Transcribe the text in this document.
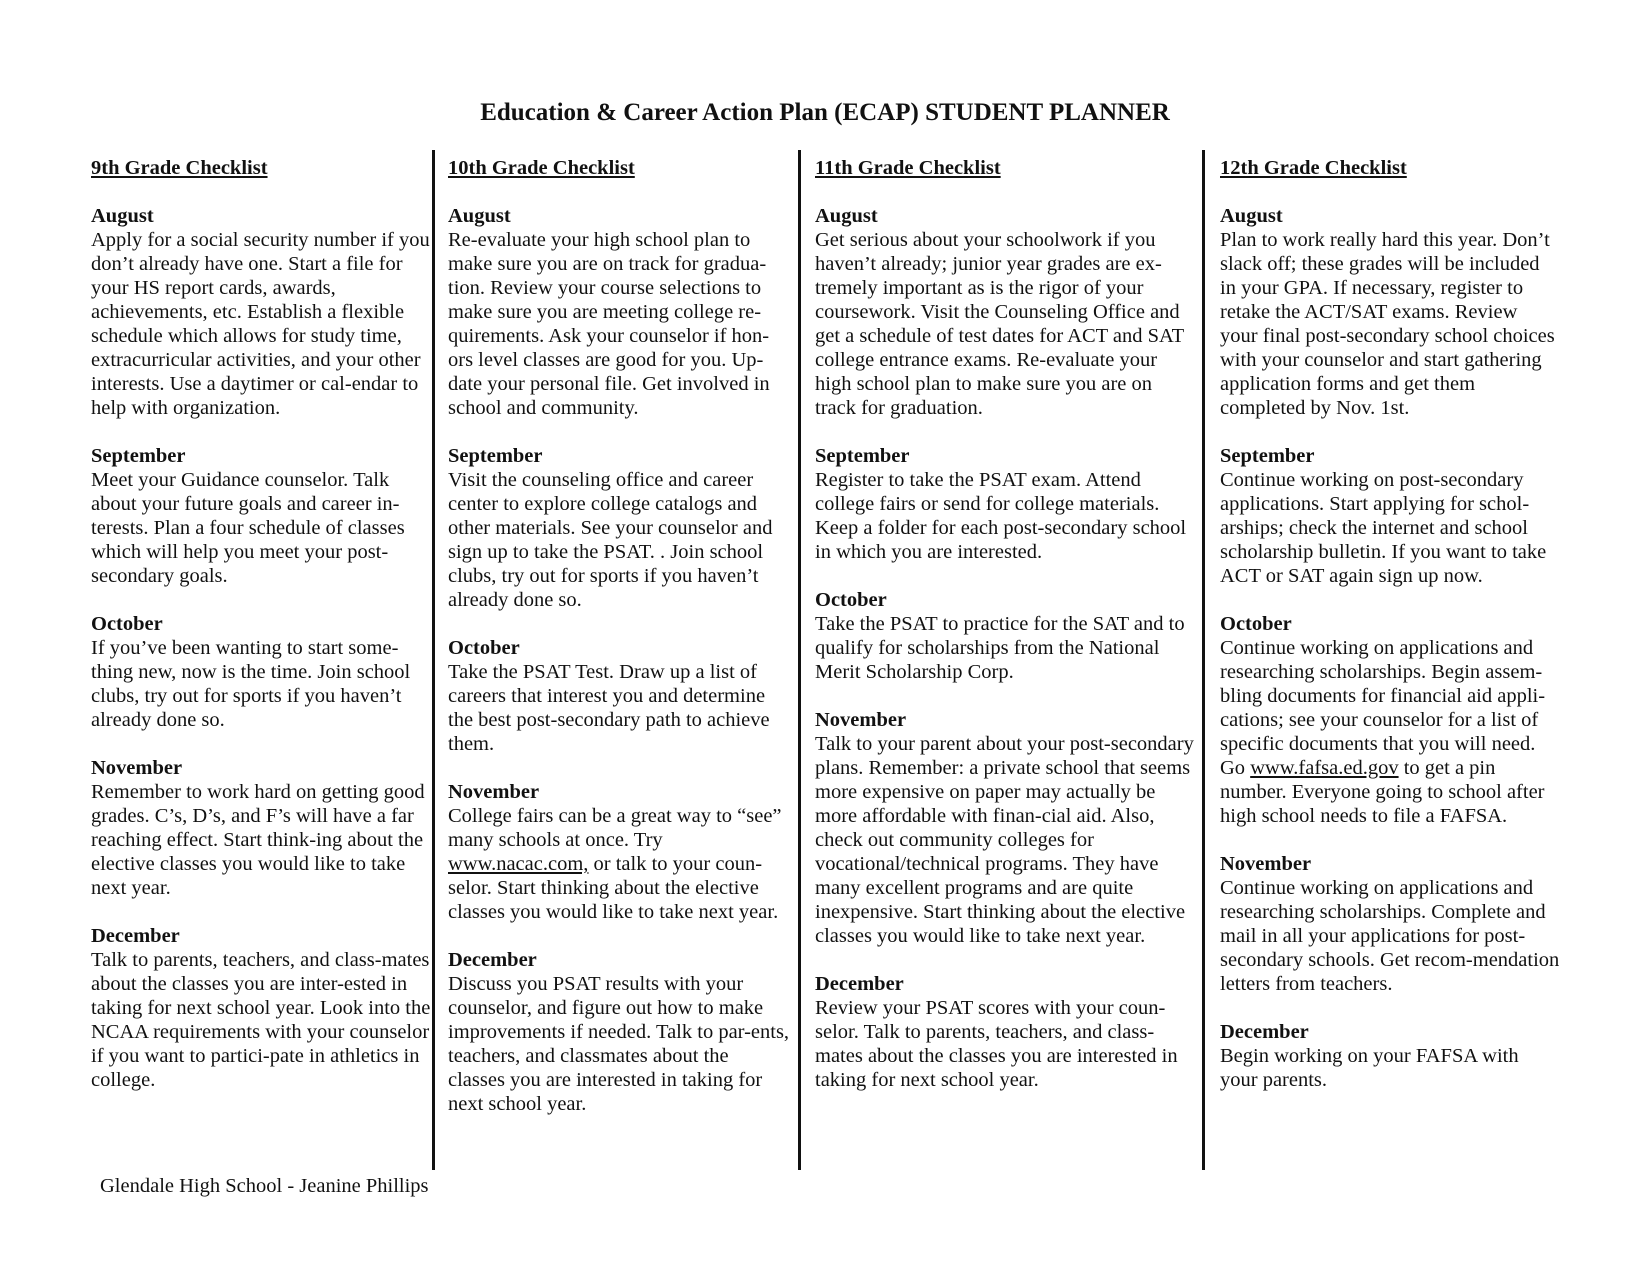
Education & Career Action Plan (ECAP) STUDENT PLANNER
9th Grade Checklist
August
Apply for a social security number if you don’t already have one. Start a file for your HS report cards, awards, achievements, etc. Establish a flexible schedule which allows for study time, extracurricular activities, and your other interests. Use a daytimer or cal-endar to help with organization.
September
Meet your Guidance counselor. Talk about your future goals and career in-terests. Plan a four schedule of classes which will help you meet your post-secondary goals.
October
If you’ve been wanting to start some-thing new, now is the time. Join school clubs, try out for sports if you haven’t already done so.
November
Remember to work hard on getting good grades. C’s, D’s, and F’s will have a far reaching effect. Start think-ing about the elective classes you would like to take next year.
December
Talk to parents, teachers, and class-mates about the classes you are inter-ested in taking for next school year. Look into the NCAA requirements with your counselor if you want to partici-pate in athletics in college.
10th Grade Checklist
August
Re-evaluate your high school plan to make sure you are on track for gradua-tion. Review your course selections to make sure you are meeting college re-quirements. Ask your counselor if hon-ors level classes are good for you. Up-date your personal file. Get involved in school and community.
September
Visit the counseling office and career center to explore college catalogs and other materials. See your counselor and sign up to take the PSAT. . Join school clubs, try out for sports if you haven’t already done so.
October
Take the PSAT Test. Draw up a list of careers that interest you and determine the best post-secondary path to achieve them.
November
College fairs can be a great way to “see” many schools at once. Try www.nacac.com, or talk to your coun-selor. Start thinking about the elective classes you would like to take next year.
December
Discuss you PSAT results with your counselor, and figure out how to make improvements if needed. Talk to par-ents, teachers, and classmates about the classes you are interested in taking for next school year.
11th Grade Checklist
August
Get serious about your schoolwork if you haven’t already; junior year grades are ex-tremely important as is the rigor of your coursework. Visit the Counseling Office and get a schedule of test dates for ACT and SAT college entrance exams. Re-evaluate your high school plan to make sure you are on track for graduation.
September
Register to take the PSAT exam. Attend college fairs or send for college materials. Keep a folder for each post-secondary school in which you are interested.
October
Take the PSAT to practice for the SAT and to qualify for scholarships from the National Merit Scholarship Corp.
November
Talk to your parent about your post-secondary plans. Remember: a private school that seems more expensive on paper may actually be more affordable with finan-cial aid. Also, check out community colleges for vocational/technical programs. They have many excellent programs and are quite inexpensive. Start thinking about the elective classes you would like to take next year.
December
Review your PSAT scores with your coun-selor. Talk to parents, teachers, and class-mates about the classes you are interested in taking for next school year.
12th Grade Checklist
August
Plan to work really hard this year. Don’t slack off; these grades will be included in your GPA. If necessary, register to retake the ACT/SAT exams. Review your final post-secondary school choices with your counselor and start gathering application forms and get them completed by Nov. 1st.
September
Continue working on post-secondary applications. Start applying for schol-arships; check the internet and school scholarship bulletin. If you want to take ACT or SAT again sign up now.
October
Continue working on applications and researching scholarships. Begin assem-bling documents for financial aid appli-cations; see your counselor for a list of specific documents that you will need. Go www.fafsa.ed.gov to get a pin number. Everyone going to school after high school needs to file a FAFSA.
November
Continue working on applications and researching scholarships. Complete and mail in all your applications for post-secondary schools. Get recom-mendation letters from teachers.
December
Begin working on your FAFSA with your parents.
Glendale High School - Jeanine Phillips
